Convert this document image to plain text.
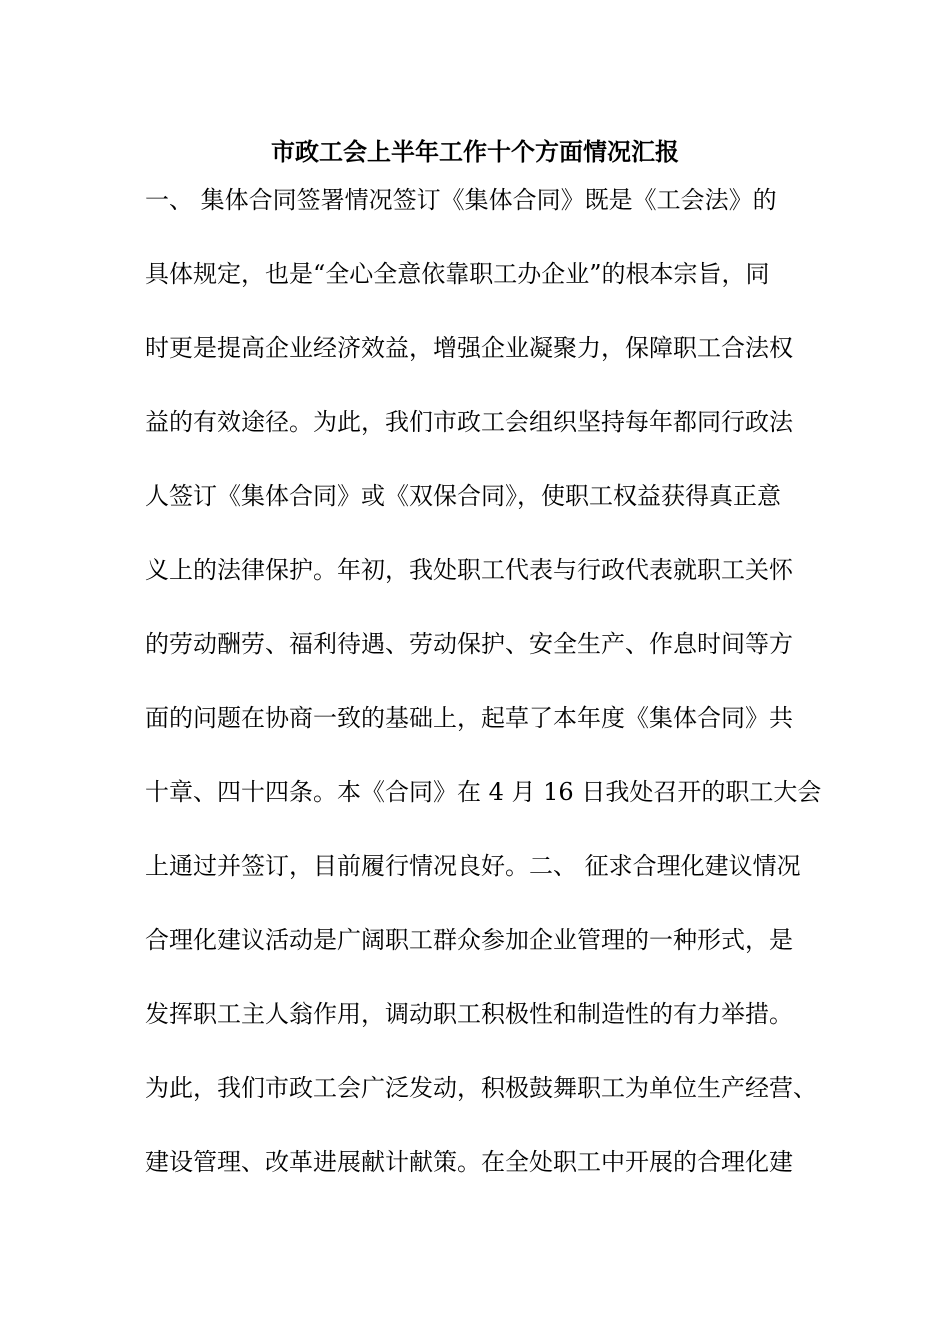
市政工会上半年工作十个方面情况汇报
一、 集体合同签署情况签订《集体合同》既是《工会法》的
具体规定，也是“全心全意依靠职工办企业”的根本宗旨，同
时更是提高企业经济效益，增强企业凝聚力，保障职工合法权
益的有效途径。为此，我们市政工会组织坚持每年都同行政法
人签订《集体合同》或《双保合同》，使职工权益获得真正意
义上的法律保护。年初，我处职工代表与行政代表就职工关怀
的劳动酬劳、福利待遇、劳动保护、安全生产、作息时间等方
面的问题在协商一致的基础上，起草了本年度《集体合同》共
十章、四十四条。本《合同》在 4 月 16 日我处召开的职工大会
上通过并签订，目前履行情况良好。二、 征求合理化建议情况
合理化建议活动是广阔职工群众参加企业管理的一种形式，是
发挥职工主人翁作用，调动职工积极性和制造性的有力举措。
为此，我们市政工会广泛发动，积极鼓舞职工为单位生产经营、
建设管理、改革进展献计献策。在全处职工中开展的合理化建
